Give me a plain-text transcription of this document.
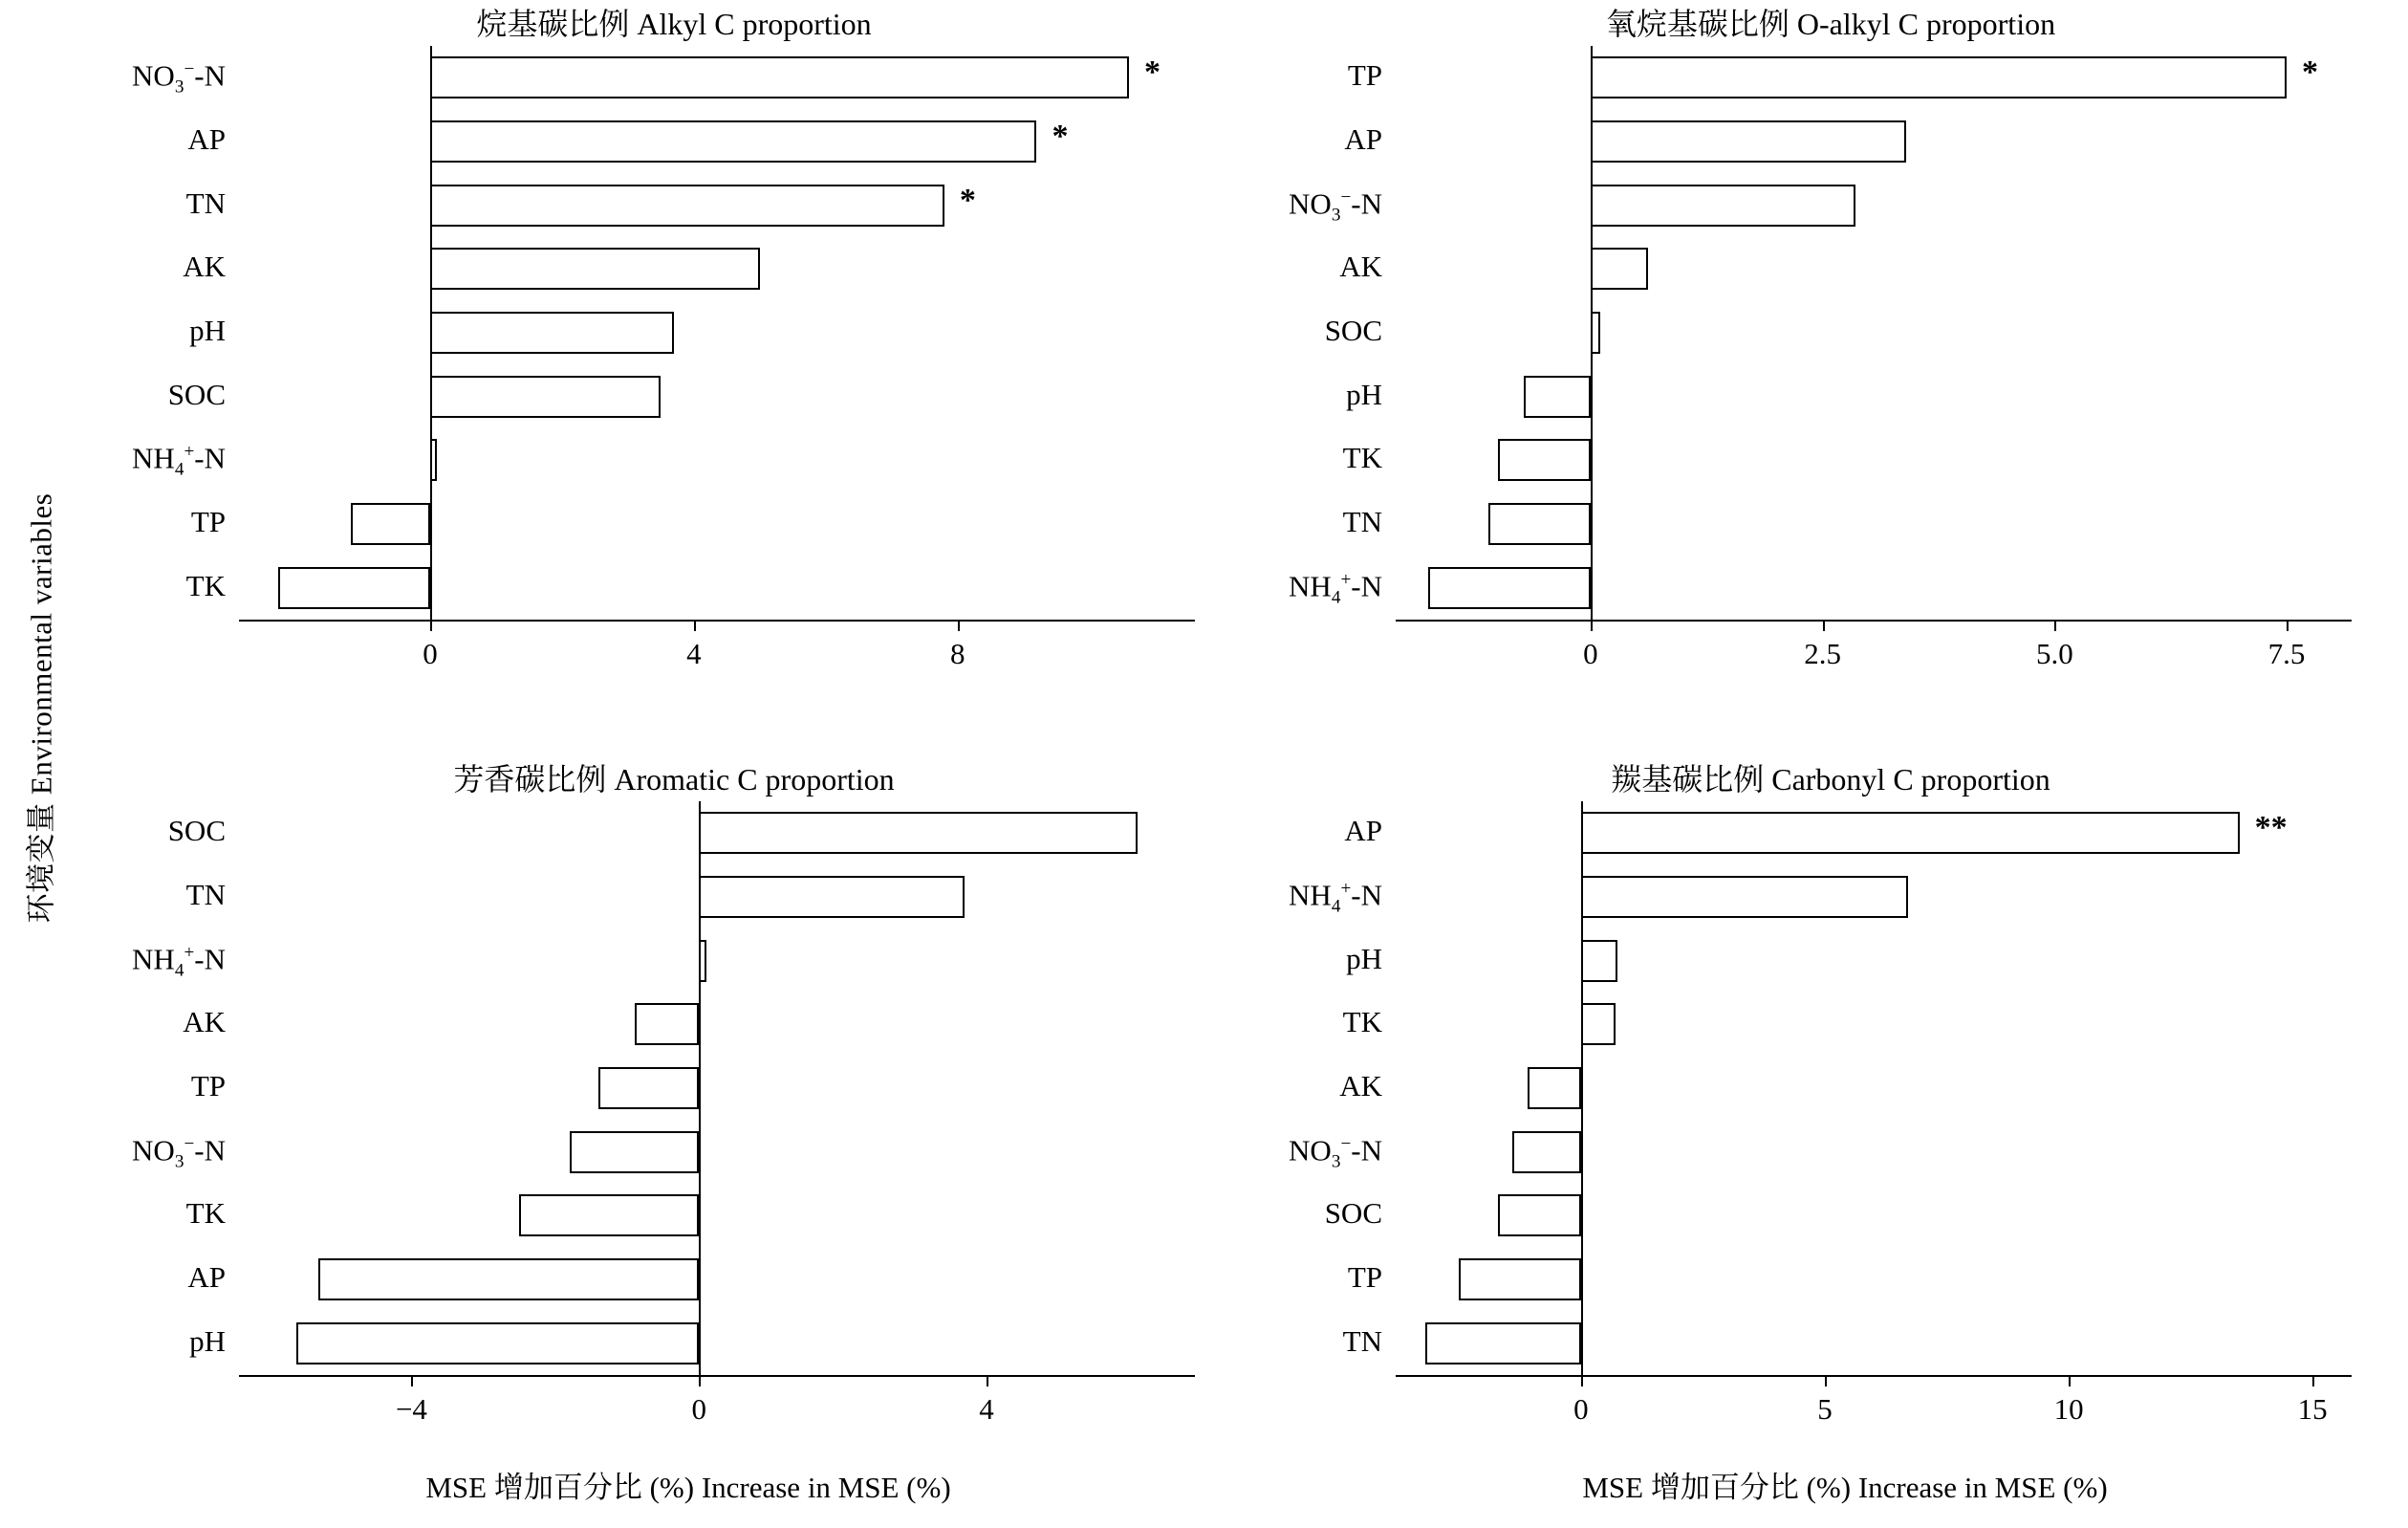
环境变量 Environmental variables
烷基碳比例 Alkyl C proportion
$NO_3^--N$	*
AP	*
TN	*
AK
pH
SOC
$NH_4^+-N$
TP
TK
0	4	8
氧烷基碳比例 O-alkyl C proportion
TP	*
AP
$NO_3^--N$
AK
SOC
pH
TK
TN
$NH_4^+-N$
0	2.5	5.0	7.5
芳香碳比例 Aromatic C proportion
SOC
TN
$NH_4^+-N$
AK
TP
$NO_3^--N$
TK
AP
pH
−4	0	4
羰基碳比例 Carbonyl C proportion
AP	**
$NH_4^+-N$
pH
TK
AK
$NO_3^--N$
SOC
TP
TN
0	5	10	15
MSE 增加百分比 (%) Increase in MSE (%)	MSE 增加百分比 (%) Increase in MSE (%)
